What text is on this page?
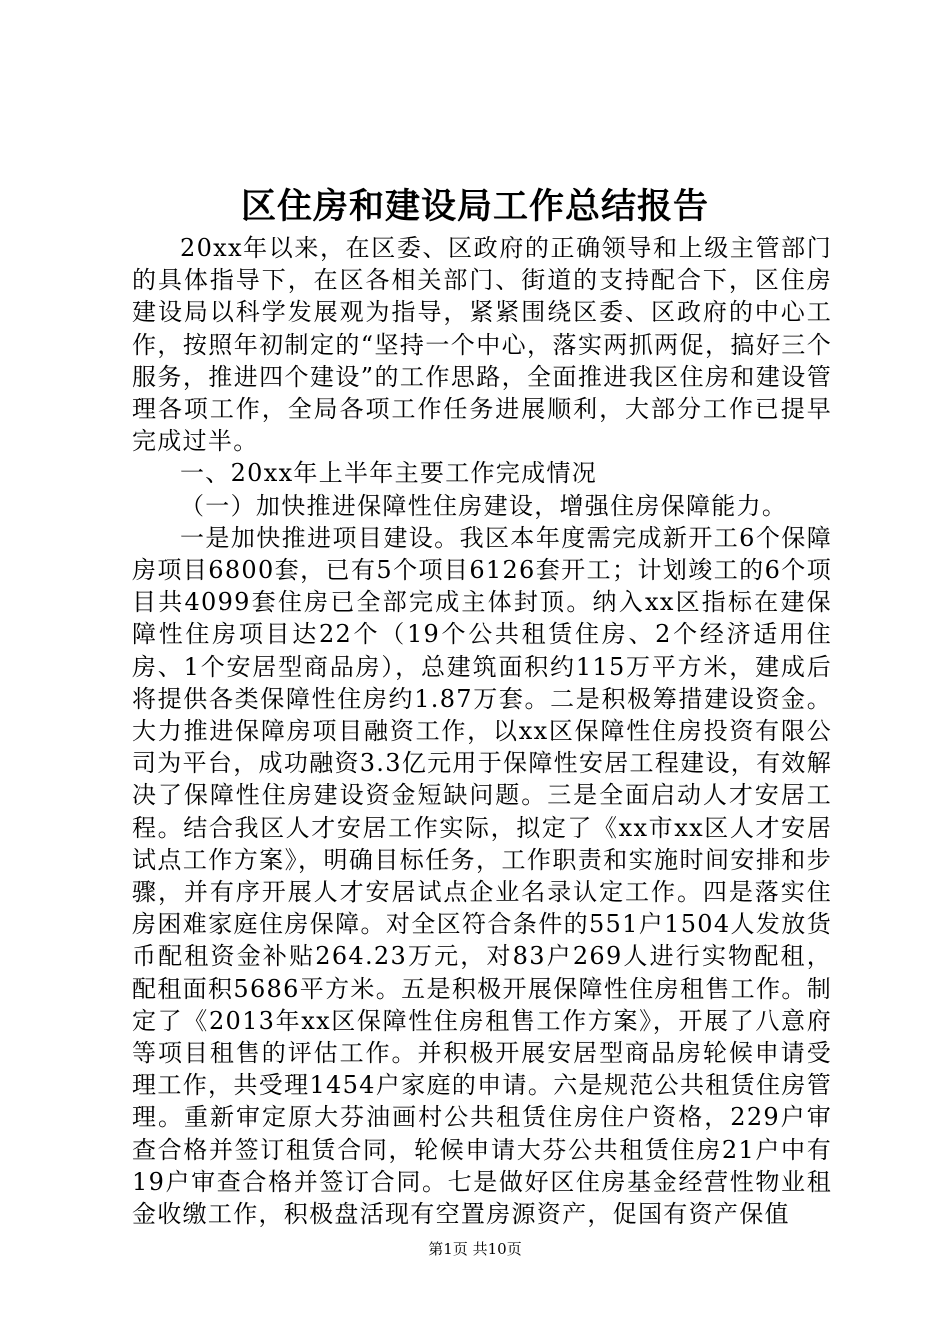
区住房和建设局工作总结报告

20xx年以来，在区委、区政府的正确领导和上级主管部门的具体指导下，在区各相关部门、街道的支持配合下，区住房建设局以科学发展观为指导，紧紧围绕区委、区政府的中心工作，按照年初制定的“坚持一个中心，落实两抓两促，搞好三个服务，推进四个建设”的工作思路，全面推进我区住房和建设管理各项工作，全局各项工作任务进展顺利，大部分工作已提早完成过半。

一、20xx年上半年主要工作完成情况

（一）加快推进保障性住房建设，增强住房保障能力。

一是加快推进项目建设。我区本年度需完成新开工6个保障房项目6800套，已有5个项目6126套开工；计划竣工的6个项目共4099套住房已全部完成主体封顶。纳入xx区指标在建保障性住房项目达22个（19个公共租赁住房、2个经济适用住房、1个安居型商品房），总建筑面积约115万平方米，建成后将提供各类保障性住房约1.87万套。二是积极筹措建设资金。大力推进保障房项目融资工作，以xx区保障性住房投资有限公司为平台，成功融资3.3亿元用于保障性安居工程建设，有效解决了保障性住房建设资金短缺问题。三是全面启动人才安居工程。结合我区人才安居工作实际，拟定了《xx市xx区人才安居试点工作方案》，明确目标任务，工作职责和实施时间安排和步骤，并有序开展人才安居试点企业名录认定工作。四是落实住房困难家庭住房保障。对全区符合条件的551户1504人发放货币配租资金补贴264.23万元，对83户269人进行实物配租，配租面积5686平方米。五是积极开展保障性住房租售工作。制定了《2013年xx区保障性住房租售工作方案》，开展了八意府等项目租售的评估工作。并积极开展安居型商品房轮候申请受理工作，共受理1454户家庭的申请。六是规范公共租赁住房管理。重新审定原大芬油画村公共租赁住房住户资格，229户审查合格并签订租赁合同，轮候申请大芬公共租赁住房21户中有19户审查合格并签订合同。七是做好区住房基金经营性物业租金收缴工作，积极盘活现有空置房源资产，促国有资产保值

第1页 共10页
